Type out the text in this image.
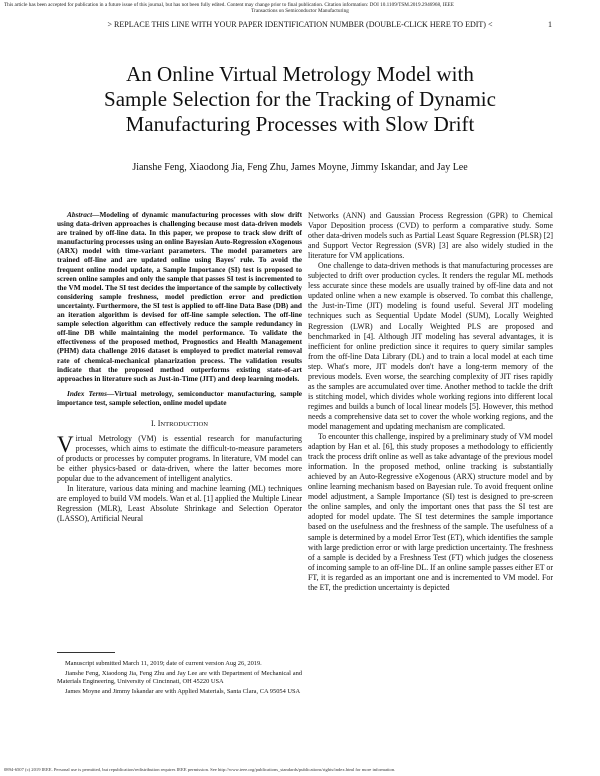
This article has been accepted for publication in a future issue of this journal, but has not been fully edited. Content may change prior to final publication. Citation information: DOI 10.1109/TSM.2019.2946968, IEEE
Transactions on Semiconductor Manufacturing
> REPLACE THIS LINE WITH YOUR PAPER IDENTIFICATION NUMBER (DOUBLE-CLICK HERE TO EDIT) <	1
An Online Virtual Metrology Model with
Sample Selection for the Tracking of Dynamic
Manufacturing Processes with Slow Drift
Jianshe Feng, Xiaodong Jia, Feng Zhu, James Moyne, Jimmy Iskandar, and Jay Lee

Abstract—Modeling of dynamic manufacturing processes with slow drift using data-driven approaches is challenging because most data-driven models are trained by off-line data. In this paper, we propose to track slow drift of manufacturing processes using an online Bayesian Auto-Regression eXogenous (ARX) model with time-variant parameters. The model parameters are trained off-line and are updated online using Bayes' rule. To avoid the frequent online model update, a Sample Importance (SI) test is proposed to screen online samples and only the sample that passes SI test is incremented to the VM model. The SI test decides the importance of the sample by collectively considering sample freshness, model prediction error and prediction uncertainty. Furthermore, the SI test is applied to off-line Data Base (DB) and an iteration algorithm is devised for off-line sample selection. The off-line sample selection algorithm can effectively reduce the sample redundancy in off-line DB while maintaining the model performance. To validate the effectiveness of the proposed method, Prognostics and Health Management (PHM) data challenge 2016 dataset is employed to predict material removal rate of chemical-mechanical planarization process. The validation results indicate that the proposed method outperforms existing state-of-art approaches in literature such as Just-in-Time (JIT) and deep learning models.

Index Terms—Virtual metrology, semiconductor manufacturing, sample importance test, sample selection, online model update

I. INTRODUCTION

Virtual Metrology (VM) is essential research for manufacturing processes, which aims to estimate the difficult-to-measure parameters of products or processes by computer programs. In literature, VM model can be either physics-based or data-driven, where the latter becomes more popular due to the advancement of intelligent analytics.

In literature, various data mining and machine learning (ML) techniques are employed to build VM models. Wan et al. [1] applied the Multiple Linear Regression (MLR), Least Absolute Shrinkage and Selection Operator (LASSO), Artificial Neural

Manuscript submitted March 11, 2019; date of current version Aug 26, 2019.

Jianshe Feng, Xiaodong Jia, Feng Zhu and Jay Lee are with Department of Mechanical and Materials Engineering, University of Cincinnati, OH 45220 USA

James Moyne and Jimmy Iskandar are with Applied Materials, Santa Clara, CA 95054 USA

Networks (ANN) and Gaussian Process Regression (GPR) to Chemical Vapor Deposition process (CVD) to perform a comparative study. Some other data-driven models such as Partial Least Square Regression (PLSR) [2] and Support Vector Regression (SVR) [3] are also widely studied in the literature for VM applications.

One challenge to data-driven methods is that manufacturing processes are subjected to drift over production cycles. It renders the regular ML methods less accurate since these models are usually trained by off-line data and not updated online when a new example is observed. To combat this challenge, the Just-in-Time (JIT) modeling is found useful. Several JIT modeling techniques such as Sequential Update Model (SUM), Locally Weighted Regression (LWR) and Locally Weighted PLS are proposed and benchmarked in [4]. Although JIT modeling has several advantages, it is inefficient for online prediction since it requires to query similar samples from the off-line Data Library (DL) and to train a local model at each time step. What's more, JIT models don't have a long-term memory of the previous models. Even worse, the searching complexity of JIT rises rapidly as the samples are accumulated over time. Another method to tackle the drift is stitching model, which divides whole working regions into different local regimes and builds a bunch of local linear models [5]. However, this method needs a comprehensive data set to cover the whole working regions, and the model management and updating mechanism are complicated.

To encounter this challenge, inspired by a preliminary study of VM model adaption by Han et al. [6], this study proposes a methodology to efficiently track the process drift online as well as take advantage of the previous model information. In the proposed method, online tracking is substantially achieved by an Auto-Regressive eXogenous (ARX) structure model and by online learning mechanism based on Bayesian rule. To avoid frequent online model adjustment, a Sample Importance (SI) test is designed to pre-screen the online samples, and only the important ones that pass the SI test are adopted for model update. The SI test determines the sample importance based on the usefulness and the freshness of the sample. The usefulness of a sample is determined by a model Error Test (ET), which identifies the sample with large prediction error or with large prediction uncertainty. The freshness of a sample is decided by a Freshness Test (FT) which judges the closeness of incoming sample to an off-line DL. If an online sample passes either ET or FT, it is regarded as an important one and is incremented to VM model. For the ET, the prediction uncertainty is depicted

0894-6507 (c) 2019 IEEE. Personal use is permitted, but republication/redistribution requires IEEE permission. See http://www.ieee.org/publications_standards/publications/rights/index.html for more information.
